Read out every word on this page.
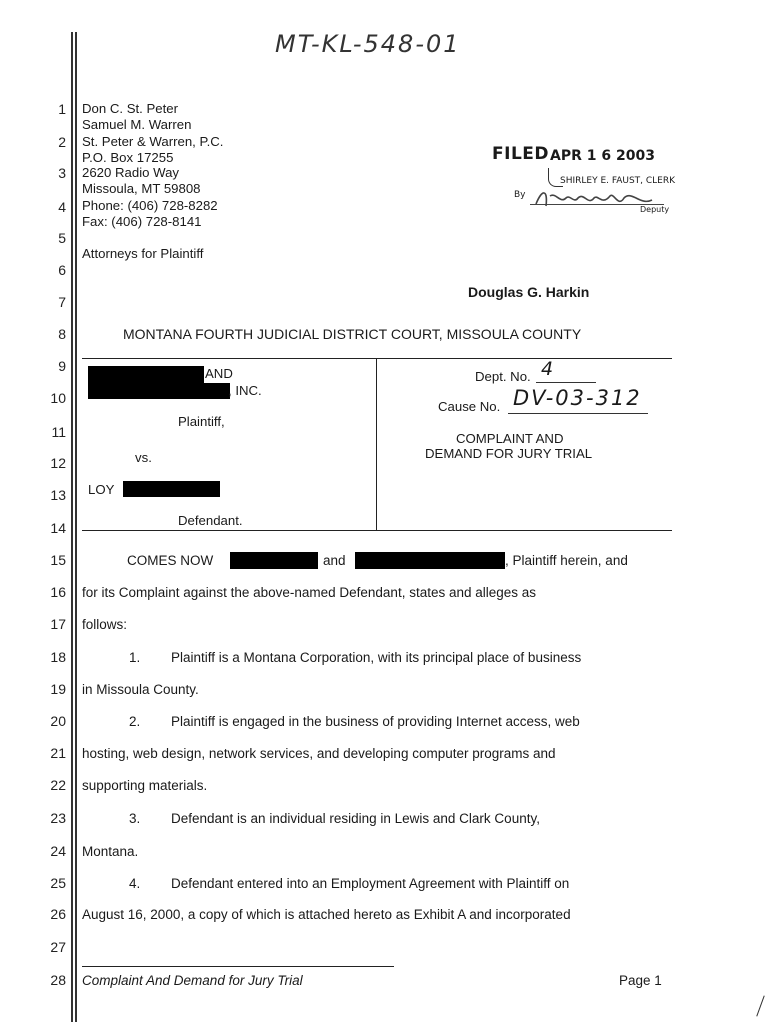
MT-KL-548-01
1
2
3
4
5
6
7
8
9
10
11
12
13
14
15
16
17
18
19
20
21
22
23
24
25
26
27
28
Don C. St. Peter
Samuel M. Warren
St. Peter & Warren, P.C.
P.O. Box 17255
2620 Radio Way
Missoula, MT 59808
Phone: (406) 728-8282
Fax: (406) 728-8141
Attorneys for Plaintiff
FILED APR 1 6 2003
SHIRLEY E. FAUST, CLERK
By
Deputy
Douglas G. Harkin
MONTANA FOURTH JUDICIAL DISTRICT COURT, MISSOULA COUNTY
AND
, INC.
Plaintiff,
vs.
LOY
Defendant.
Dept. No. 4
Cause No. DV-03-312
COMPLAINT AND
DEMAND FOR JURY TRIAL
COMES NOW	and	, Plaintiff herein, and
for its Complaint against the above-named Defendant, states and alleges as
follows:
1. Plaintiff is a Montana Corporation, with its principal place of business
in Missoula County.
2. Plaintiff is engaged in the business of providing Internet access, web
hosting, web design, network services, and developing computer programs and
supporting materials.
3. Defendant is an individual residing in Lewis and Clark County,
Montana.
4. Defendant entered into an Employment Agreement with Plaintiff on
August 16, 2000, a copy of which is attached hereto as Exhibit A and incorporated
Complaint And Demand for Jury Trial	Page 1
